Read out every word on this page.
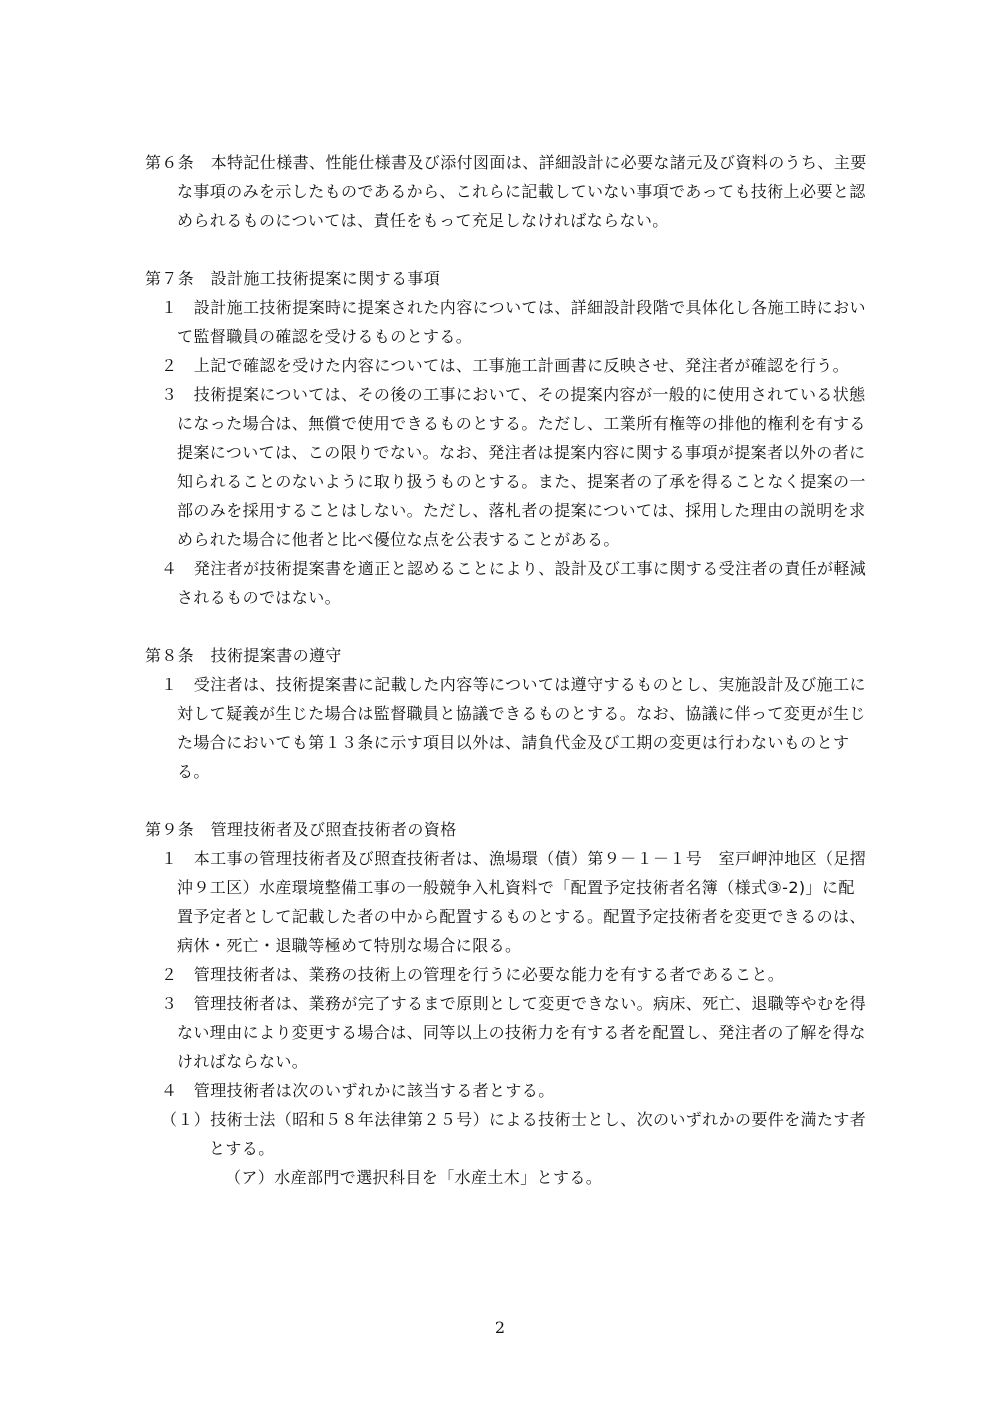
第６条　本特記仕様書、性能仕様書及び添付図面は、詳細設計に必要な諸元及び資料のうち、主要な事項のみを示したものであるから、これらに記載していない事項であっても技術上必要と認められるものについては、責任をもって充足しなければならない。

第７条　設計施工技術提案に関する事項

１　設計施工技術提案時に提案された内容については、詳細設計段階で具体化し各施工時において監督職員の確認を受けるものとする。

２　上記で確認を受けた内容については、工事施工計画書に反映させ、発注者が確認を行う。

３　技術提案については、その後の工事において、その提案内容が一般的に使用されている状態になった場合は、無償で使用できるものとする。ただし、工業所有権等の排他的権利を有する提案については、この限りでない。なお、発注者は提案内容に関する事項が提案者以外の者に知られることのないように取り扱うものとする。また、提案者の了承を得ることなく提案の一部のみを採用することはしない。ただし、落札者の提案については、採用した理由の説明を求められた場合に他者と比べ優位な点を公表することがある。

４　発注者が技術提案書を適正と認めることにより、設計及び工事に関する受注者の責任が軽減されるものではない。

第８条　技術提案書の遵守

１　受注者は、技術提案書に記載した内容等については遵守するものとし、実施設計及び施工に対して疑義が生じた場合は監督職員と協議できるものとする。なお、協議に伴って変更が生じた場合においても第１３条に示す項目以外は、請負代金及び工期の変更は行わないものとする。

第９条　管理技術者及び照査技術者の資格

１　本工事の管理技術者及び照査技術者は、漁場環（債）第９－１－１号　室戸岬沖地区（足摺沖９工区）水産環境整備工事の一般競争入札資料で「配置予定技術者名簿（様式③-2)」に配置予定者として記載した者の中から配置するものとする。配置予定技術者を変更できるのは、病休・死亡・退職等極めて特別な場合に限る。

２　管理技術者は、業務の技術上の管理を行うに必要な能力を有する者であること。

３　管理技術者は、業務が完了するまで原則として変更できない。病床、死亡、退職等やむを得ない理由により変更する場合は、同等以上の技術力を有する者を配置し、発注者の了解を得なければならない。

４　管理技術者は次のいずれかに該当する者とする。

（１）技術士法（昭和５８年法律第２５号）による技術士とし、次のいずれかの要件を満たす者とする。

（ア）水産部門で選択科目を「水産土木」とする。

2
